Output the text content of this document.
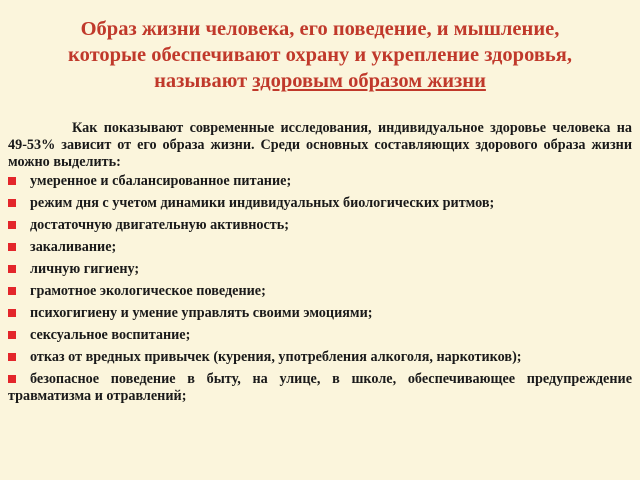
Образ жизни человека, его поведение, и мышление,
которые обеспечивают охрану и укрепление здоровья,
называют здоровым образом жизни

Как показывают современные исследования, индивидуальное здоровье человека на 49-53% зависит от его образа жизни. Среди основных составляющих здорового образа жизни можно выделить:

умеренное и сбалансированное питание;
режим дня с учетом динамики индивидуальных биологических ритмов;
достаточную двигательную активность;
закаливание;
личную гигиену;
грамотное экологическое поведение;
психогигиену и умение управлять своими эмоциями;
сексуальное воспитание;
отказ от вредных привычек (курения, употребления алкоголя, наркотиков);
безопасное поведение в быту, на улице, в школе, обеспечивающее предупреждение травматизма и отравлений;
